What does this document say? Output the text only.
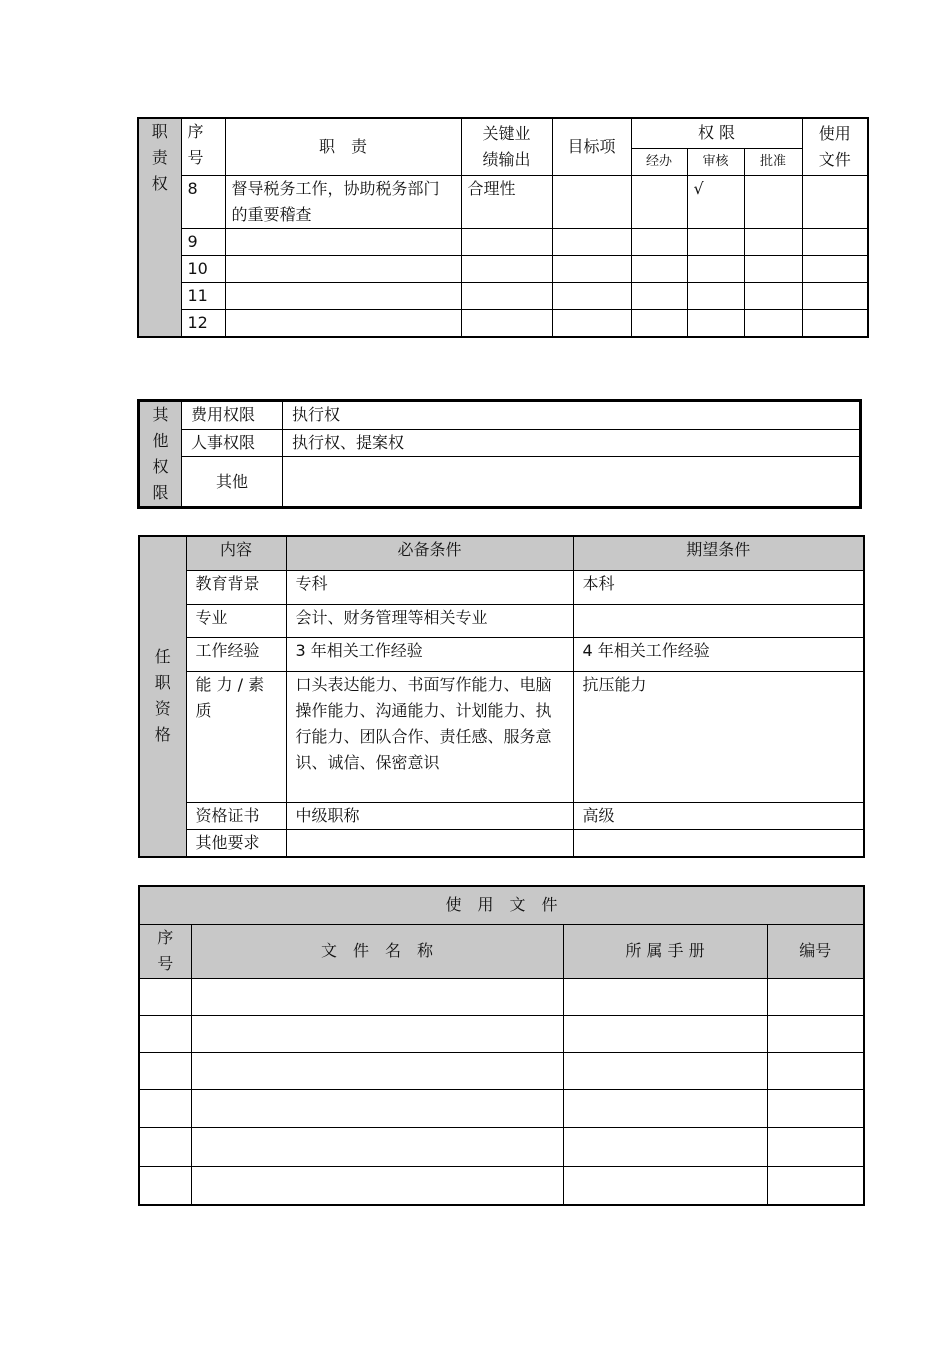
职责权	序号	职　责	关键业绩输出	目标项	权 限			使用文件
					经办	审核	批准	
	8	督导税务工作，协助税务部门的重要稽查	合理性			√		
	9							
	10							
	11							
	12							
其他权限	费用权限	执行权
	人事权限	执行权、提案权
	其他	
任职资格	内容	必备条件	期望条件
	教育背景	专科	本科
	专业	会计、财务管理等相关专业	
	工作经验	3 年相关工作经验	4 年相关工作经验
	能 力 / 素 质	口头表达能力、书面写作能力、电脑操作能力、沟通能力、计划能力、执行能力、团队合作、责任感、服务意识、诚信、保密意识	抗压能力
	资格证书	中级职称	高级
	其他要求		
使　用　文　件			
序号	文　件　名　称	所 属 手 册	编号
